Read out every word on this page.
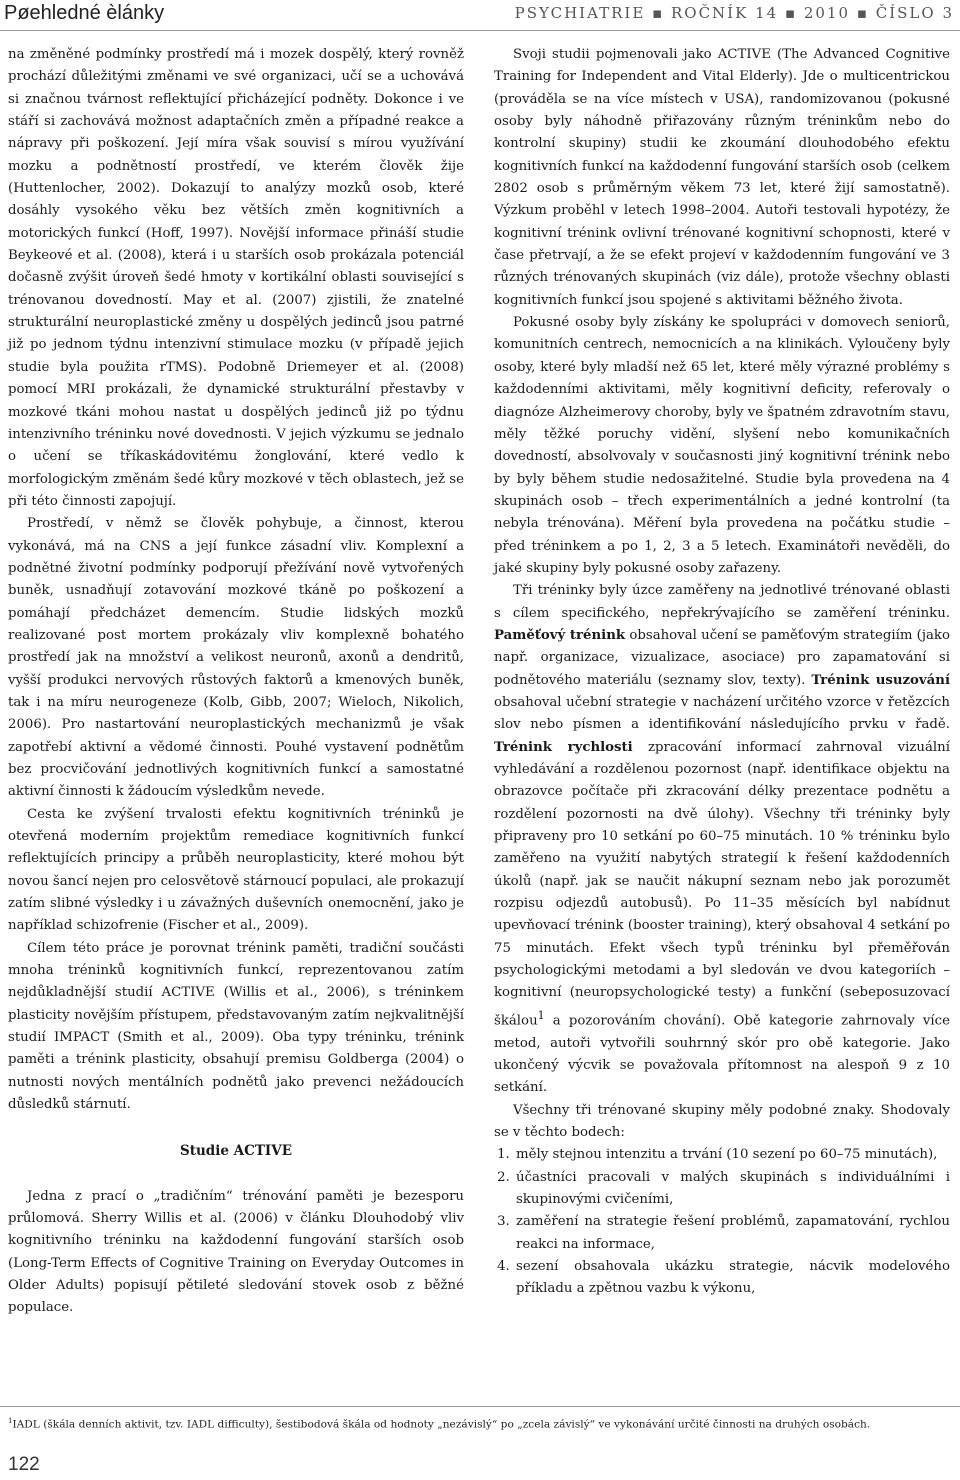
Pøehledné èlánky	PSYCHIATRIE ▪ ROČNÍK 14 ▪ 2010 ▪ ČÍSLO 3

na změněné podmínky prostředí má i mozek dospělý, který rovněž prochází důležitými změnami ve své organizaci, učí se a uchovává si značnou tvárnost reflektující přicházející podněty. Dokonce i ve stáří si zachovává možnost adaptačních změn a případné reakce a nápravy při poškození. Její míra však souvisí s mírou využívání mozku a podnětností prostředí, ve kterém člověk žije (Huttenlocher, 2002). Dokazují to analýzy mozků osob, které dosáhly vysokého věku bez větších změn kognitivních a motorických funkcí (Hoff, 1997). Novější informace přináší studie Beykeové et al. (2008), která i u starších osob prokázala potenciál dočasně zvýšit úroveň šedé hmoty v kortikální oblasti související s trénovanou dovedností. May et al. (2007) zjistili, že znatelné strukturální neuroplastické změny u dospělých jedinců jsou patrné již po jednom týdnu intenzivní stimulace mozku (v případě jejich studie byla použita rTMS). Podobně Driemeyer et al. (2008) pomocí MRI prokázali, že dynamické strukturální přestavby v mozkové tkáni mohou nastat u dospělých jedinců již po týdnu intenzivního tréninku nové dovednosti. V jejich výzkumu se jednalo o učení se tříkaskádovitému žonglování, které vedlo k morfologickým změnám šedé kůry mozkové v těch oblastech, jež se při této činnosti zapojují.

Prostředí, v němž se člověk pohybuje, a činnost, kterou vykonává, má na CNS a její funkce zásadní vliv. Komplexní a podnětné životní podmínky podporují přežívání nově vytvořených buněk, usnadňují zotavování mozkové tkáně po poškození a pomáhají předcházet demencím. Studie lidských mozků realizované post mortem prokázaly vliv komplexně bohatého prostředí jak na množství a velikost neuronů, axonů a dendritů, vyšší produkci nervových růstových faktorů a kmenových buněk, tak i na míru neurogeneze (Kolb, Gibb, 2007; Wieloch, Nikolich, 2006). Pro nastartování neuroplastických mechanizmů je však zapotřebí aktivní a vědomé činnosti. Pouhé vystavení podnětům bez procvičování jednotlivých kognitivních funkcí a samostatné aktivní činnosti k žádoucím výsledkům nevede.

Cesta ke zvýšení trvalosti efektu kognitivních tréninků je otevřená moderním projektům remediace kognitivních funkcí reflektujících principy a průběh neuroplasticity, které mohou být novou šancí nejen pro celosvětově stárnoucí populaci, ale prokazují zatím slibné výsledky i u závažných duševních onemocnění, jako je například schizofrenie (Fischer et al., 2009).

Cílem této práce je porovnat trénink paměti, tradiční součásti mnoha tréninků kognitivních funkcí, reprezentovanou zatím nejdůkladnější studií ACTIVE (Willis et al., 2006), s tréninkem plasticity novějším přístupem, představovaným zatím nejkvalitnější studií IMPACT (Smith et al., 2009). Oba typy tréninku, trénink paměti a trénink plasticity, obsahují premisu Goldberga (2004) o nutnosti nových mentálních podnětů jako prevenci nežádoucích důsledků stárnutí.

Studie ACTIVE

Jedna z prací o „tradičním“ trénování paměti je bezesporu průlomová. Sherry Willis et al. (2006) v článku Dlouhodobý vliv kognitivního tréninku na každodenní fungování starších osob (Long-Term Effects of Cognitive Training on Everyday Outcomes in Older Adults) popisují pětileté sledování stovek osob z běžné populace.

Svoji studii pojmenovali jako ACTIVE (The Advanced Cognitive Training for Independent and Vital Elderly). Jde o multicentrickou (prováděla se na více místech v USA), randomizovanou (pokusné osoby byly náhodně přiřazovány různým tréninkům nebo do kontrolní skupiny) studii ke zkoumání dlouhodobého efektu kognitivních funkcí na každodenní fungování starších osob (celkem 2802 osob s průměrným věkem 73 let, které žijí samostatně). Výzkum proběhl v letech 1998–2004. Autoři testovali hypotézy, že kognitivní trénink ovlivní trénované kognitivní schopnosti, které v čase přetrvají, a že se efekt projeví v každodenním fungování ve 3 různých trénovaných skupinách (viz dále), protože všechny oblasti kognitivních funkcí jsou spojené s aktivitami běžného života.

Pokusné osoby byly získány ke spolupráci v domovech seniorů, komunitních centrech, nemocnicích a na klinikách. Vyloučeny byly osoby, které byly mladší než 65 let, které měly výrazné problémy s každodenními aktivitami, měly kognitivní deficity, referovaly o diagnóze Alzheimerovy choroby, byly ve špatném zdravotním stavu, měly těžké poruchy vidění, slyšení nebo komunikačních dovedností, absolvovaly v současnosti jiný kognitivní trénink nebo by byly během studie nedosažitelné. Studie byla provedena na 4 skupinách osob – třech experimentálních a jedné kontrolní (ta nebyla trénována). Měření byla provedena na počátku studie – před tréninkem a po 1, 2, 3 a 5 letech. Examinátoři nevěděli, do jaké skupiny byly pokusné osoby zařazeny.

Tři tréninky byly úzce zaměřeny na jednotlivé trénované oblasti s cílem specifického, nepřekrývajícího se zaměření tréninku. Paměťový trénink obsahoval učení se paměťovým strategiím (jako např. organizace, vizualizace, asociace) pro zapamatování si podnětového materiálu (seznamy slov, texty). Trénink usuzování obsahoval učební strategie v nacházení určitého vzorce v řetězcích slov nebo písmen a identifikování následujícího prvku v řadě. Trénink rychlosti zpracování informací zahrnoval vizuální vyhledávání a rozdělenou pozornost (např. identifikace objektu na obrazovce počítače při zkracování délky prezentace podnětu a rozdělení pozornosti na dvě úlohy). Všechny tři tréninky byly připraveny pro 10 setkání po 60–75 minutách. 10 % tréninku bylo zaměřeno na využití nabytých strategií k řešení každodenních úkolů (např. jak se naučit nákupní seznam nebo jak porozumět rozpisu odjezdů autobusů). Po 11–35 měsících byl nabídnut upevňovací trénink (booster training), který obsahoval 4 setkání po 75 minutách. Efekt všech typů tréninku byl přeměřován psychologickými metodami a byl sledován ve dvou kategoriích – kognitivní (neuropsychologické testy) a funkční (sebeposuzovací škálou$^1$ a pozorováním chování). Obě kategorie zahrnovaly více metod, autoři vytvořili souhrnný skór pro obě kategorie. Jako ukončený výcvik se považovala přítomnost na alespoň 9 z 10 setkání.

Všechny tři trénované skupiny měly podobné znaky. Shodovaly se v těchto bodech:

1. měly stejnou intenzitu a trvání (10 sezení po 60–75 minutách),
2. účastníci pracovali v malých skupinách s individuálními i skupinovými cvičeními,
3. zaměření na strategie řešení problémů, zapamatování, rychlou reakci na informace,
4. sezení obsahovala ukázku strategie, nácvik modelového příkladu a zpětnou vazbu k výkonu,
$^1$IADL (škála denních aktivit, tzv. IADL difficulty), šestibodová škála od hodnoty „nezávislý“ po „zcela závislý“ ve vykonávání určité činnosti na druhých osobách.
122
